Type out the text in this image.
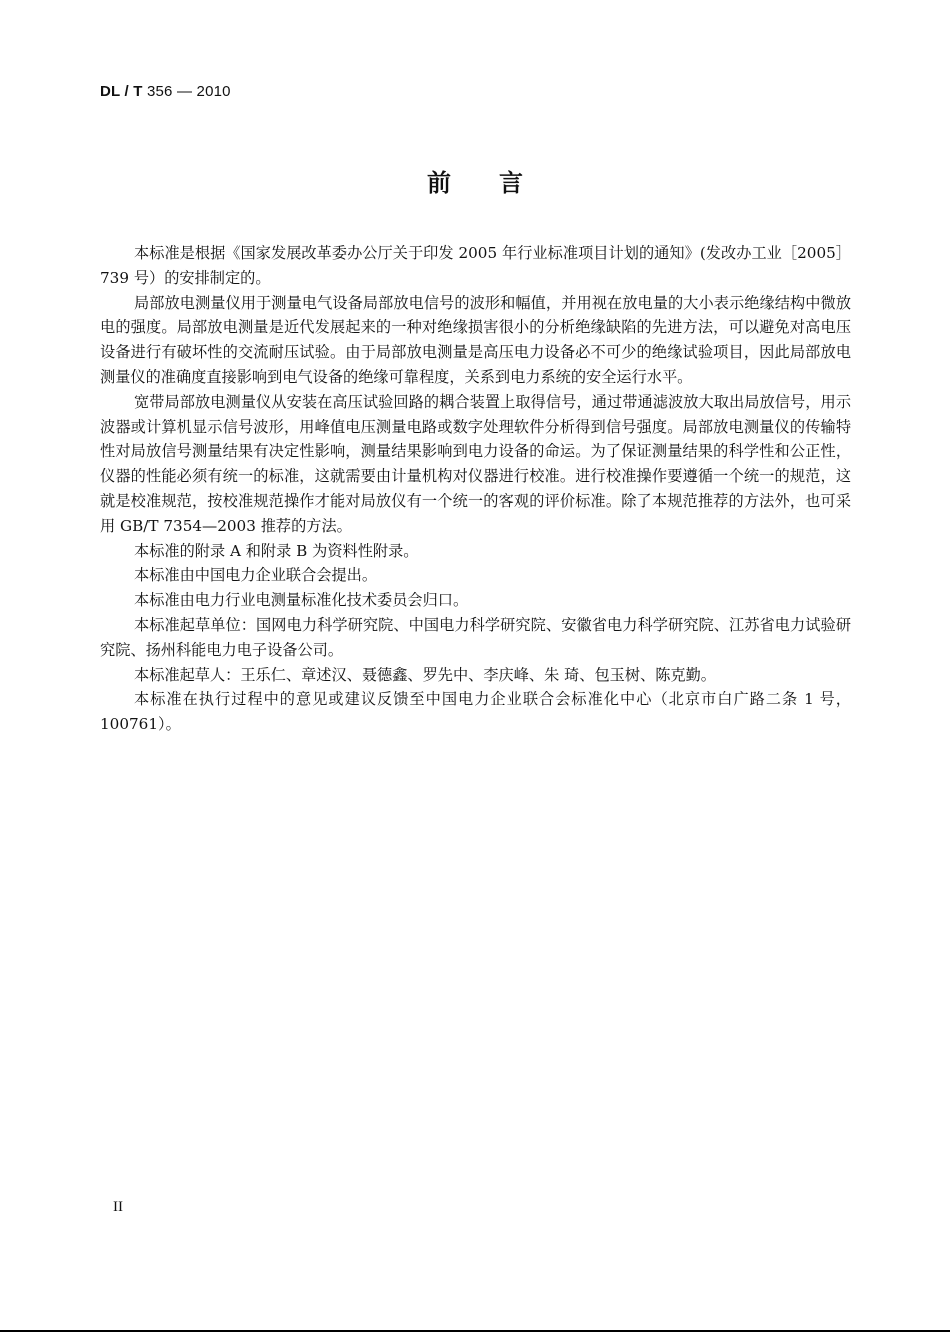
DL / T 356 — 2010
前言

本标准是根据《国家发展改革委办公厅关于印发 2005 年行业标准项目计划的通知》(发改办工业［2005］739 号）的安排制定的。

局部放电测量仪用于测量电气设备局部放电信号的波形和幅值，并用视在放电量的大小表示绝缘结构中微放电的强度。局部放电测量是近代发展起来的一种对绝缘损害很小的分析绝缘缺陷的先进方法，可以避免对高电压设备进行有破坏性的交流耐压试验。由于局部放电测量是高压电力设备必不可少的绝缘试验项目，因此局部放电测量仪的准确度直接影响到电气设备的绝缘可靠程度，关系到电力系统的安全运行水平。

宽带局部放电测量仪从安装在高压试验回路的耦合装置上取得信号，通过带通滤波放大取出局放信号，用示波器或计算机显示信号波形，用峰值电压测量电路或数字处理软件分析得到信号强度。局部放电测量仪的传输特性对局放信号测量结果有决定性影响，测量结果影响到电力设备的命运。为了保证测量结果的科学性和公正性，仪器的性能必须有统一的标准，这就需要由计量机构对仪器进行校准。进行校准操作要遵循一个统一的规范，这就是校准规范，按校准规范操作才能对局放仪有一个统一的客观的评价标准。除了本规范推荐的方法外，也可采用 GB/T 7354—2003 推荐的方法。

本标准的附录 A 和附录 B 为资料性附录。

本标准由中国电力企业联合会提出。

本标准由电力行业电测量标准化技术委员会归口。

本标准起草单位：国网电力科学研究院、中国电力科学研究院、安徽省电力科学研究院、江苏省电力试验研究院、扬州科能电力电子设备公司。

本标准起草人：王乐仁、章述汉、聂德鑫、罗先中、李庆峰、朱 琦、包玉树、陈克勤。

本标准在执行过程中的意见或建议反馈至中国电力企业联合会标准化中心（北京市白广路二条 1 号，100761）。

II
